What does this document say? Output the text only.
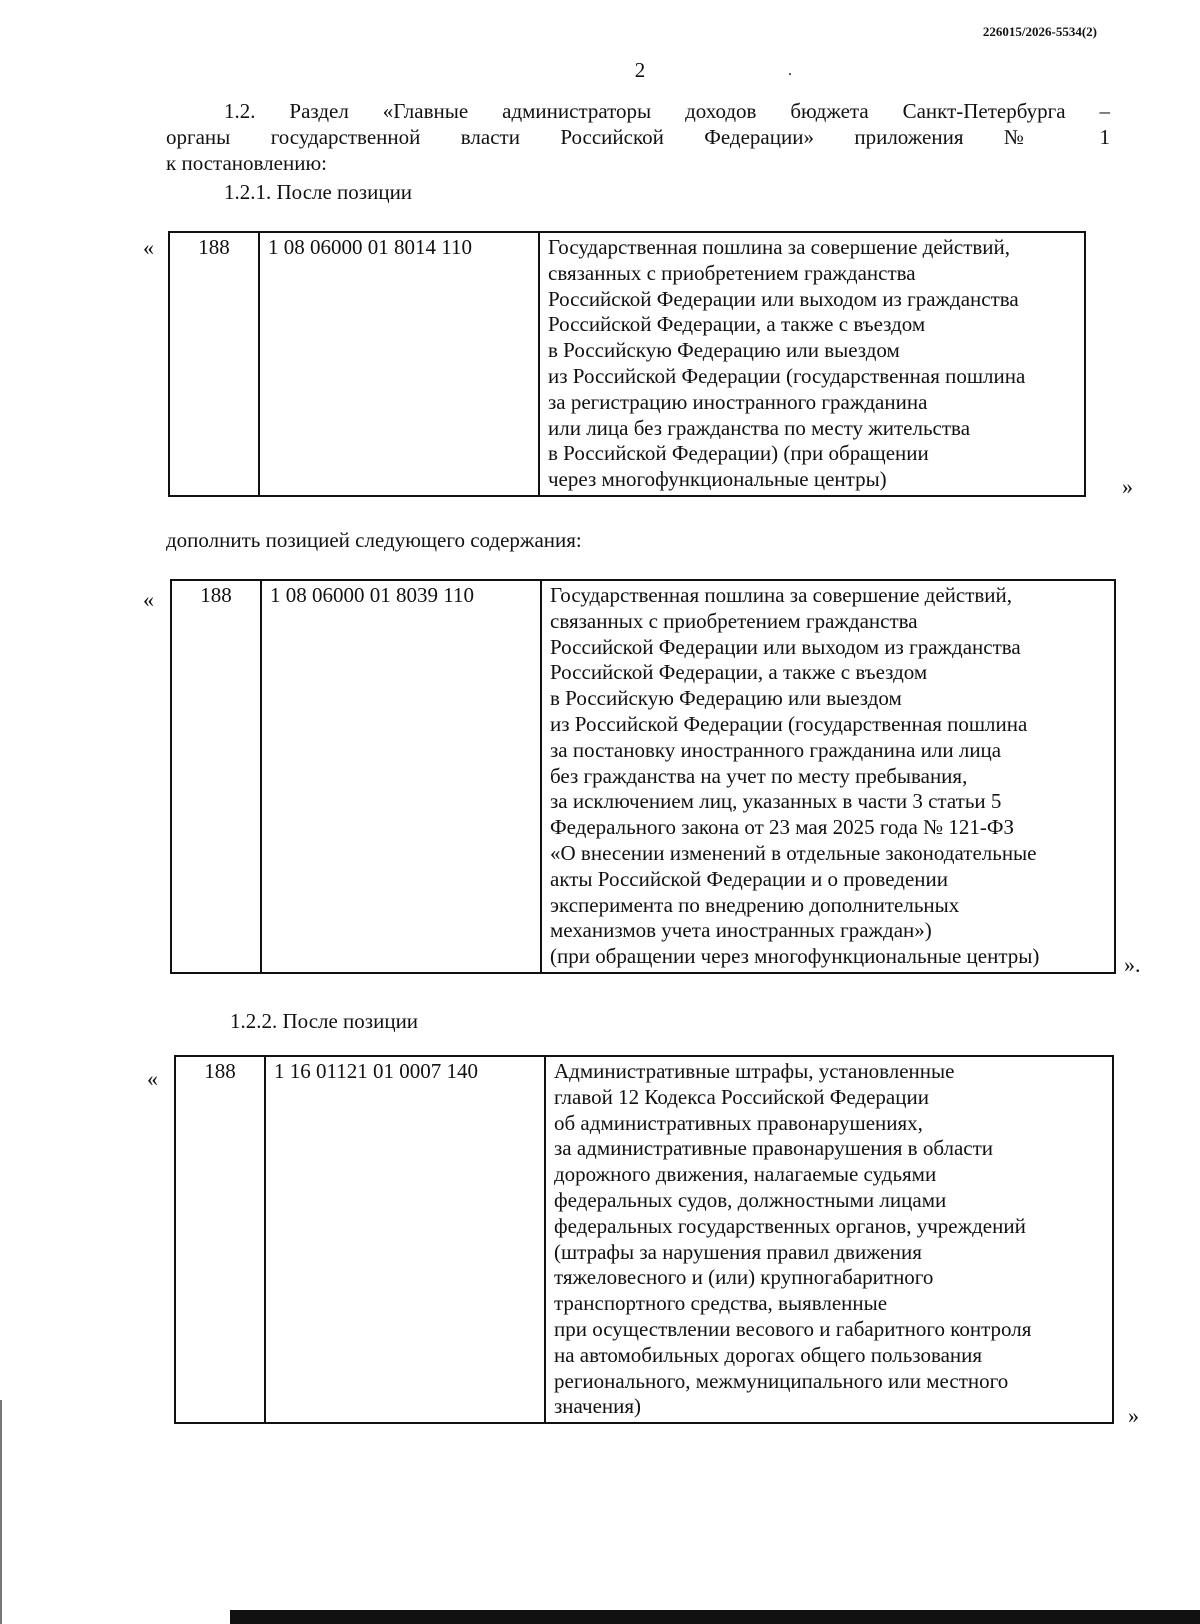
226015/2026-5534(2)
2	.
1.2. Раздел «Главные администраторы доходов бюджета Санкт-Петербурга –
органы государственной власти Российской Федерации» приложения № 1
к постановлению:
1.2.1. После позиции
« 188	1 08 06000 01 8014 110	Государственная пошлина за совершение действий,
связанных с приобретением гражданства
Российской Федерации или выходом из гражданства
Российской Федерации, а также с въездом
в Российскую Федерацию или выездом
из Российской Федерации (государственная пошлина
за регистрацию иностранного гражданина
или лица без гражданства по месту жительства
в Российской Федерации) (при обращении
через многофункциональные центры)	»
дополнить позицией следующего содержания:
« 188	1 08 06000 01 8039 110	Государственная пошлина за совершение действий,
связанных с приобретением гражданства
Российской Федерации или выходом из гражданства
Российской Федерации, а также с въездом
в Российскую Федерацию или выездом
из Российской Федерации (государственная пошлина
за постановку иностранного гражданина или лица
без гражданства на учет по месту пребывания,
за исключением лиц, указанных в части 3 статьи 5
Федерального закона от 23 мая 2025 года № 121-ФЗ
«О внесении изменений в отдельные законодательные
акты Российской Федерации и о проведении
эксперимента по внедрению дополнительных
механизмов учета иностранных граждан»)
(при обращении через многофункциональные центры)	».
1.2.2. После позиции
« 188	1 16 01121 01 0007 140	Административные штрафы, установленные
главой 12 Кодекса Российской Федерации
об административных правонарушениях,
за административные правонарушения в области
дорожного движения, налагаемые судьями
федеральных судов, должностными лицами
федеральных государственных органов, учреждений
(штрафы за нарушения правил движения
тяжеловесного и (или) крупногабаритного
транспортного средства, выявленные
при осуществлении весового и габаритного контроля
на автомобильных дорогах общего пользования
регионального, межмуниципального или местного
значения)	»
